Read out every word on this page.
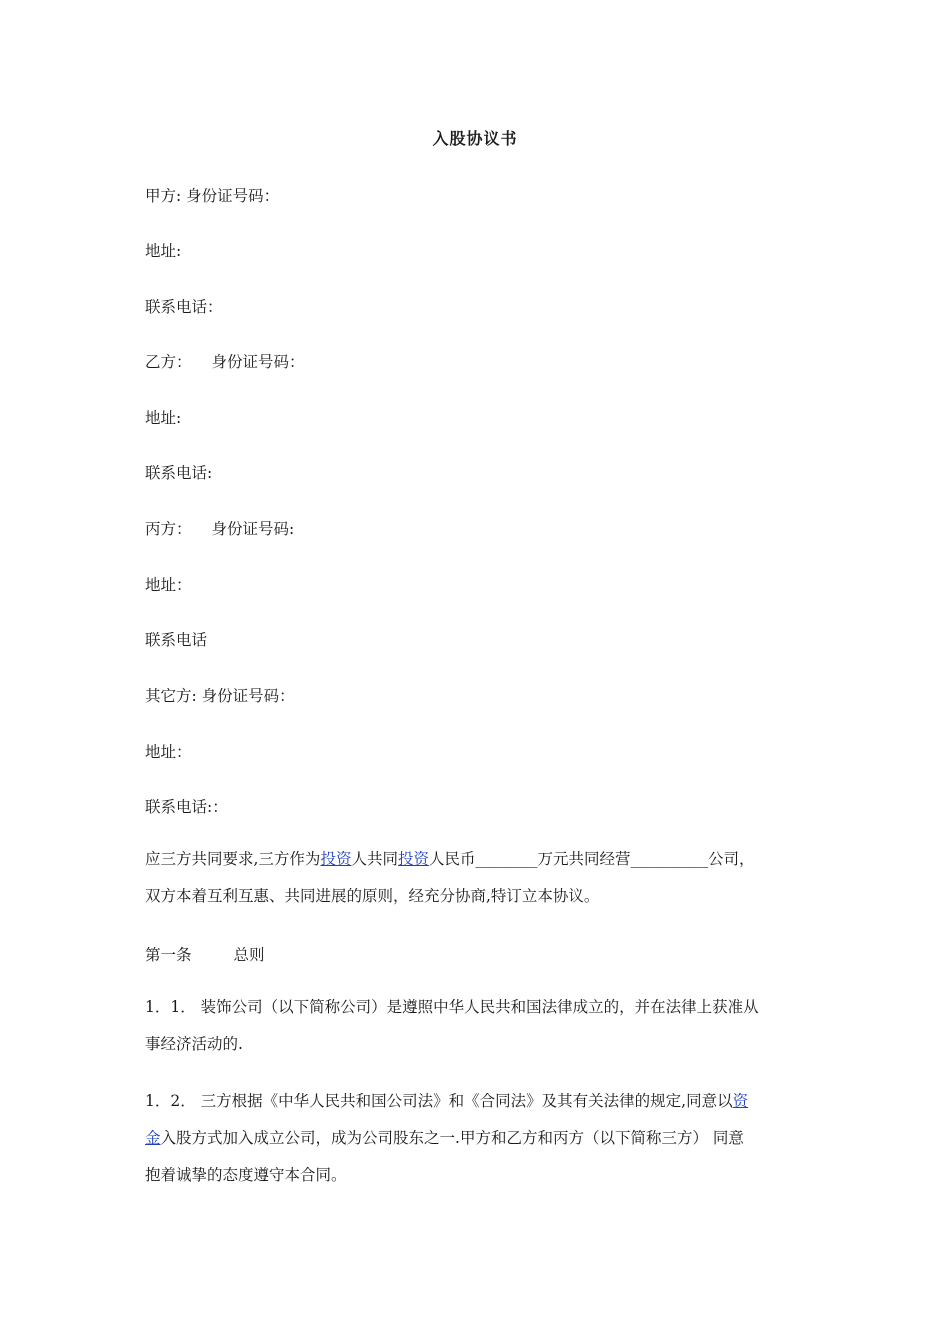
入股协议书
甲方: 身份证号码：
地址:
联系电话：
乙方： 身份证号码：
地址:
联系电话:
丙方： 身份证号码:
地址：
联系电话
其它方: 身份证号码：
地址：
联系电话:：
应三方共同要求,三方作为投资人共同投资人民币________万元共同经营__________公司，
双方本着互利互惠、共同进展的原则，经充分协商,特订立本协议。
第一条	总则
1．1． 装饰公司（以下简称公司）是遵照中华人民共和国法律成立的，并在法律上获准从
事经济活动的.
1．2． 三方根据《中华人民共和国公司法》和《合同法》及其有关法律的规定,同意以资
金入股方式加入成立公司，成为公司股东之一.甲方和乙方和丙方（以下简称三方） 同意
抱着诚挚的态度遵守本合同。
